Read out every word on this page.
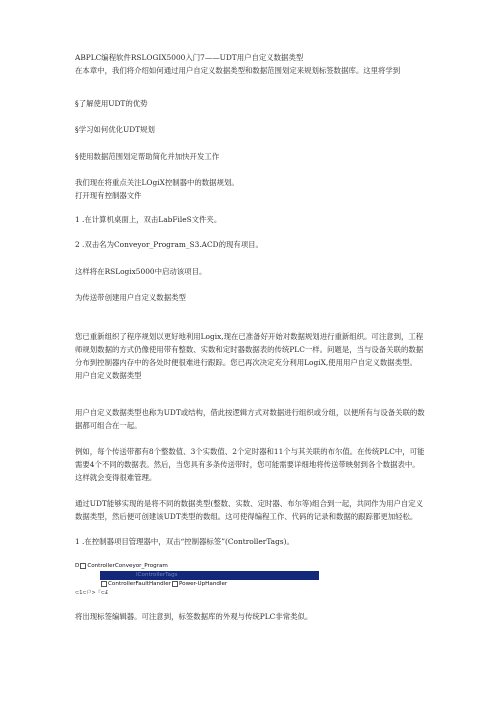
ABPLC编程软件RSLOGIX5000入门7——UDT用户自定义数据类型

在本章中，我们将介绍如何通过用户自定义数据类型和数据范围划定来规划标签数据库。这里将学到

§了解使用UDT的优势
§学习如何优化UDT规划
§使用数据范围划定帮助简化并加快开发工作

我们现在将重点关注LOgiX控制器中的数据规划。

打开现有控制器文件

1 .在计算机桌面上，双击LabFileS文件夹。
2 .双击名为Conveyor_Program_S3.ACD的现有项目。
这样将在RSLogix5000中启动该项目。
为传送带创建用户自定义数据类型

您已重新组织了程序规划以更好地利用Logix,现在已准备好开始对数据规划进行重新组织。可注意到，工程师规划数据的方式仍像使用带有整数、实数和定时器数据表的传统PLC一样。问题是，当与设备关联的数据分布到控制器内存中的各处时便很难进行跟踪。您已再次决定充分利用LogiX,使用用户自定义数据类型。

用户自定义数据类型

用户自定义数据类型也称为UDT或结构，借此按逻辑方式对数据进行组织或分组，以便所有与设备关联的数据都可组合在一起。
例如，每个传送带都有8个整数值、3个实数值、2个定时器和11个与其关联的布尔值。在传统PLC中，可能需要4个不同的数据表。然后，当您具有多条传送带时，您可能需要详细地将传送带映射到各个数据表中。这样就会变得很难管理。
通过UDT能够实现的是将不同的数据类型(整数、实数、定时器、布尔等)组合到一起，共同作为用户自定义数据类型，然后便可创建该UDT类型的数组。这可使得编程工作、代码的记录和数据的跟踪都更加轻松。
1 .在控制器项目管理器中，双击“控制器标签”(ControllerTags)。
D ControllerConveyor_Program
IControllerTags
ControllerFaultHandler Power-UpHandler
⊂1⊂户>『⊂£
将出现标签编辑器。可注意到，标签数据库的外观与传统PLC非常类似。
